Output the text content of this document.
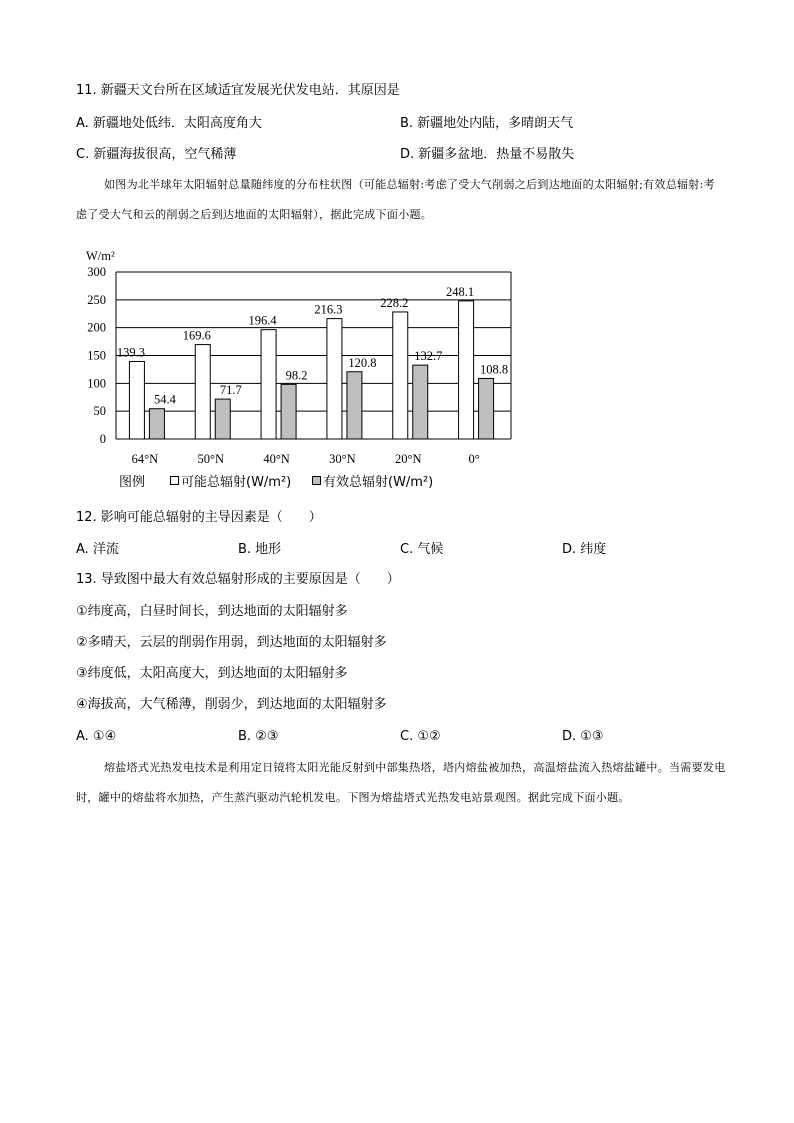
11. 新疆天文台所在区域适宜发展光伏发电站．其原因是
A. 新疆地处低纬．太阳高度角大	B. 新疆地处内陆，多晴朗天气
C. 新疆海拔很高，空气稀薄	D. 新疆多盆地．热量不易散失
如图为北半球年太阳辐射总量随纬度的分布柱状图（可能总辐射:考虑了受大气削弱之后到达地面的太阳辐射;有效总辐射:考虑了受大气和云的削弱之后到达地面的太阳辐射），据此完成下面小题。
W/m²
0
50
100
150
200
250
300
139.3
54.4
169.6
71.7
196.4
98.2
216.3
120.8
228.2
132.7
248.1
108.8
64°N	50°N	40°N	30°N	20°N	0°
图例	可能总辐射(W/m²)	有效总辐射(W/m²)
12. 影响可能总辐射的主导因素是（　　）
A. 洋流	B. 地形	C. 气候	D. 纬度
13. 导致图中最大有效总辐射形成的主要原因是（　　）
①纬度高，白昼时间长，到达地面的太阳辐射多
②多晴天，云层的削弱作用弱，到达地面的太阳辐射多
③纬度低，太阳高度大，到达地面的太阳辐射多
④海拔高，大气稀薄，削弱少，到达地面的太阳辐射多
A. ①④	B. ②③	C. ①②	D. ①③
熔盐塔式光热发电技术是利用定日镜将太阳光能反射到中部集热塔，塔内熔盐被加热，高温熔盐流入热熔盐罐中。当需要发电时，罐中的熔盐将水加热，产生蒸汽驱动汽轮机发电。下图为熔盐塔式光热发电站景观图。据此完成下面小题。
